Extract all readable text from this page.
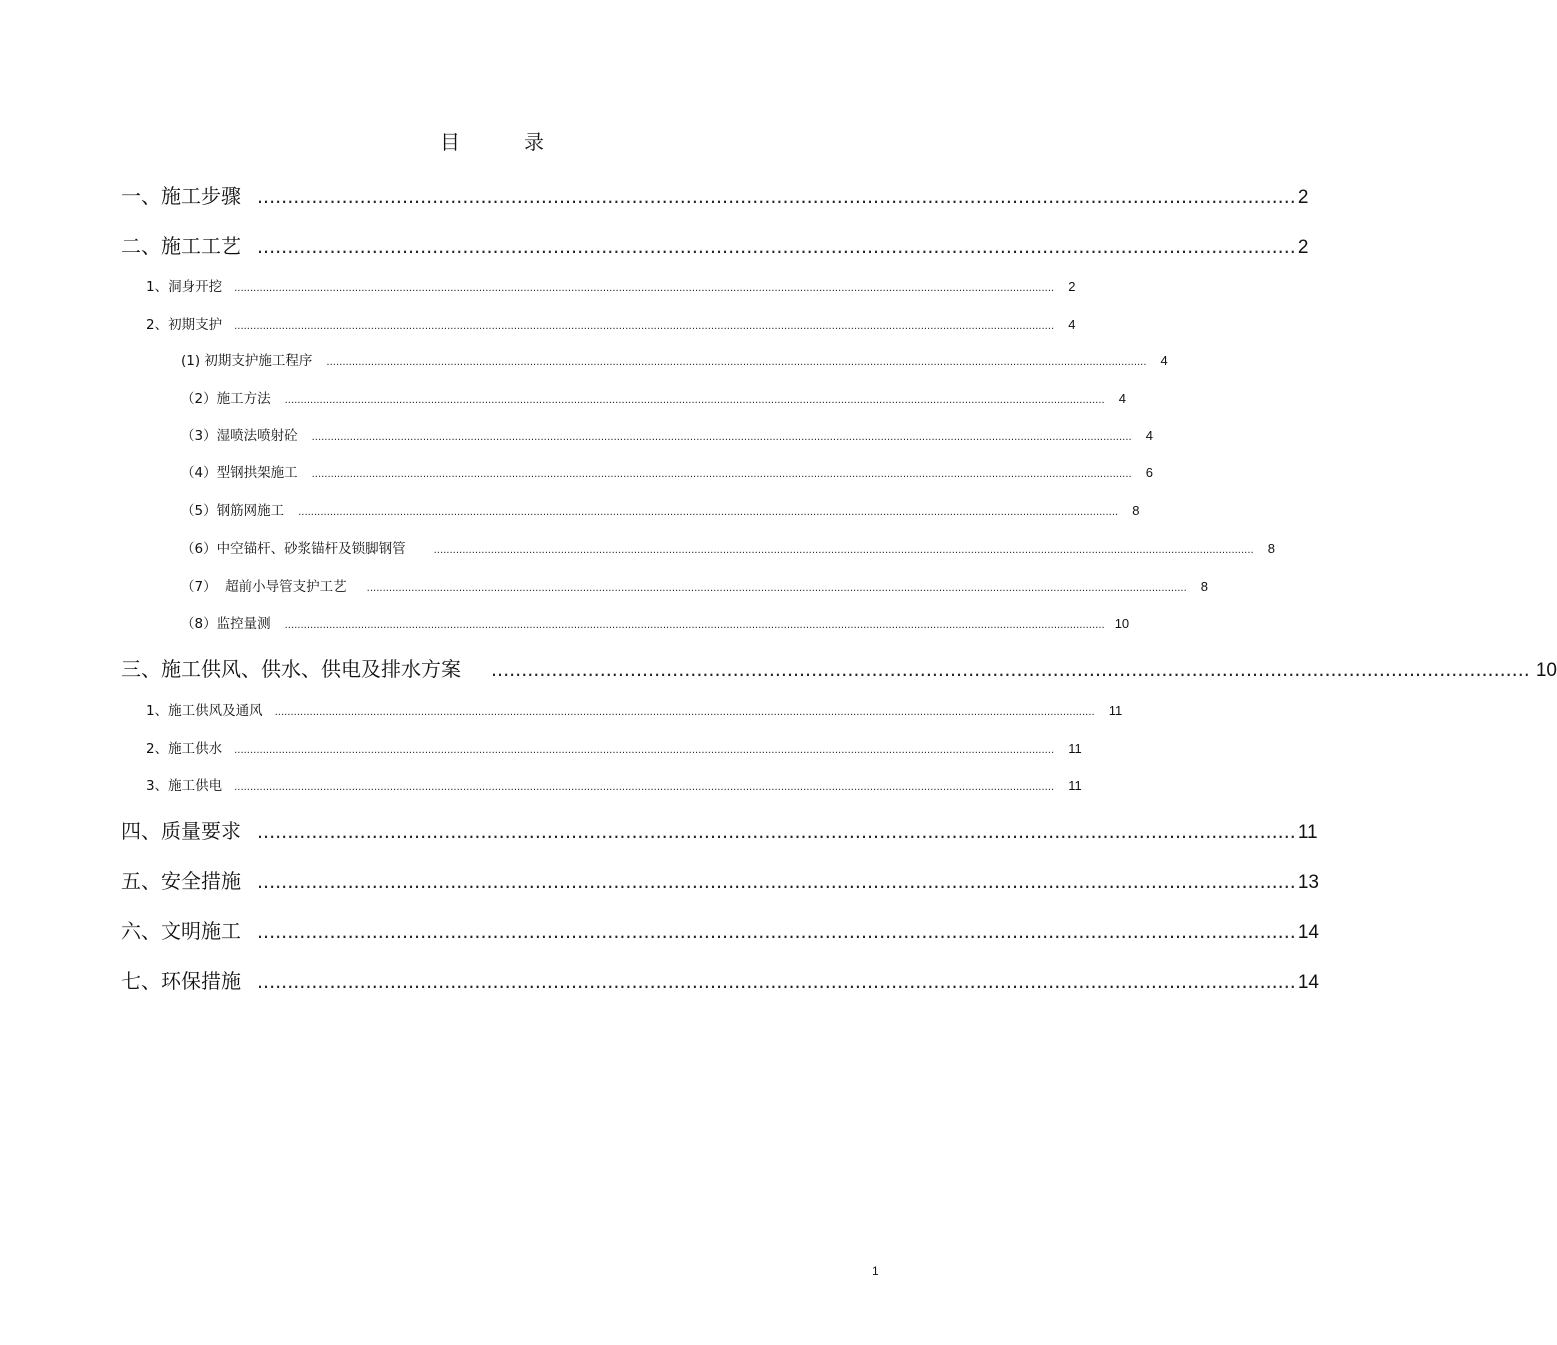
目　录
一、施工步骤 ............................................................................................................................................................................ 2
二、施工工艺 ............................................................................................................................................................................ 2
1、洞身开挖 .................................................................................................................................................................................................................................................................. 2
2、初期支护 .................................................................................................................................................................................................................................................................. 4
(1) 初期支护施工程序 .................................................................................................................................................................................................................................................................. 4
（2）施工方法 .................................................................................................................................................................................................................................................................. 4
（3）湿喷法喷射砼 .................................................................................................................................................................................................................................................................. 4
（4）型钢拱架施工 .................................................................................................................................................................................................................................................................. 6
（5）钢筋网施工 .................................................................................................................................................................................................................................................................. 8
（6）中空锚杆、砂浆锚杆及锁脚钢管	.................................................................................................................................................................................................................................................................. 8
（7）  超前小导管支护工艺 .................................................................................................................................................................................................................................................................. 8
（8）监控量测 .................................................................................................................................................................................................................................................................. 10
三、施工供风、供水、供电及排水方案 ............................................................................................................................................................................ 10
1、施工供风及通风 .................................................................................................................................................................................................................................................................. 11
2、施工供水 .................................................................................................................................................................................................................................................................. 11
3、施工供电 .................................................................................................................................................................................................................................................................. 11
四、质量要求 ............................................................................................................................................................................ 11
五、安全措施 ............................................................................................................................................................................ 13
六、文明施工 ............................................................................................................................................................................ 14
七、环保措施 ............................................................................................................................................................................ 14
1
